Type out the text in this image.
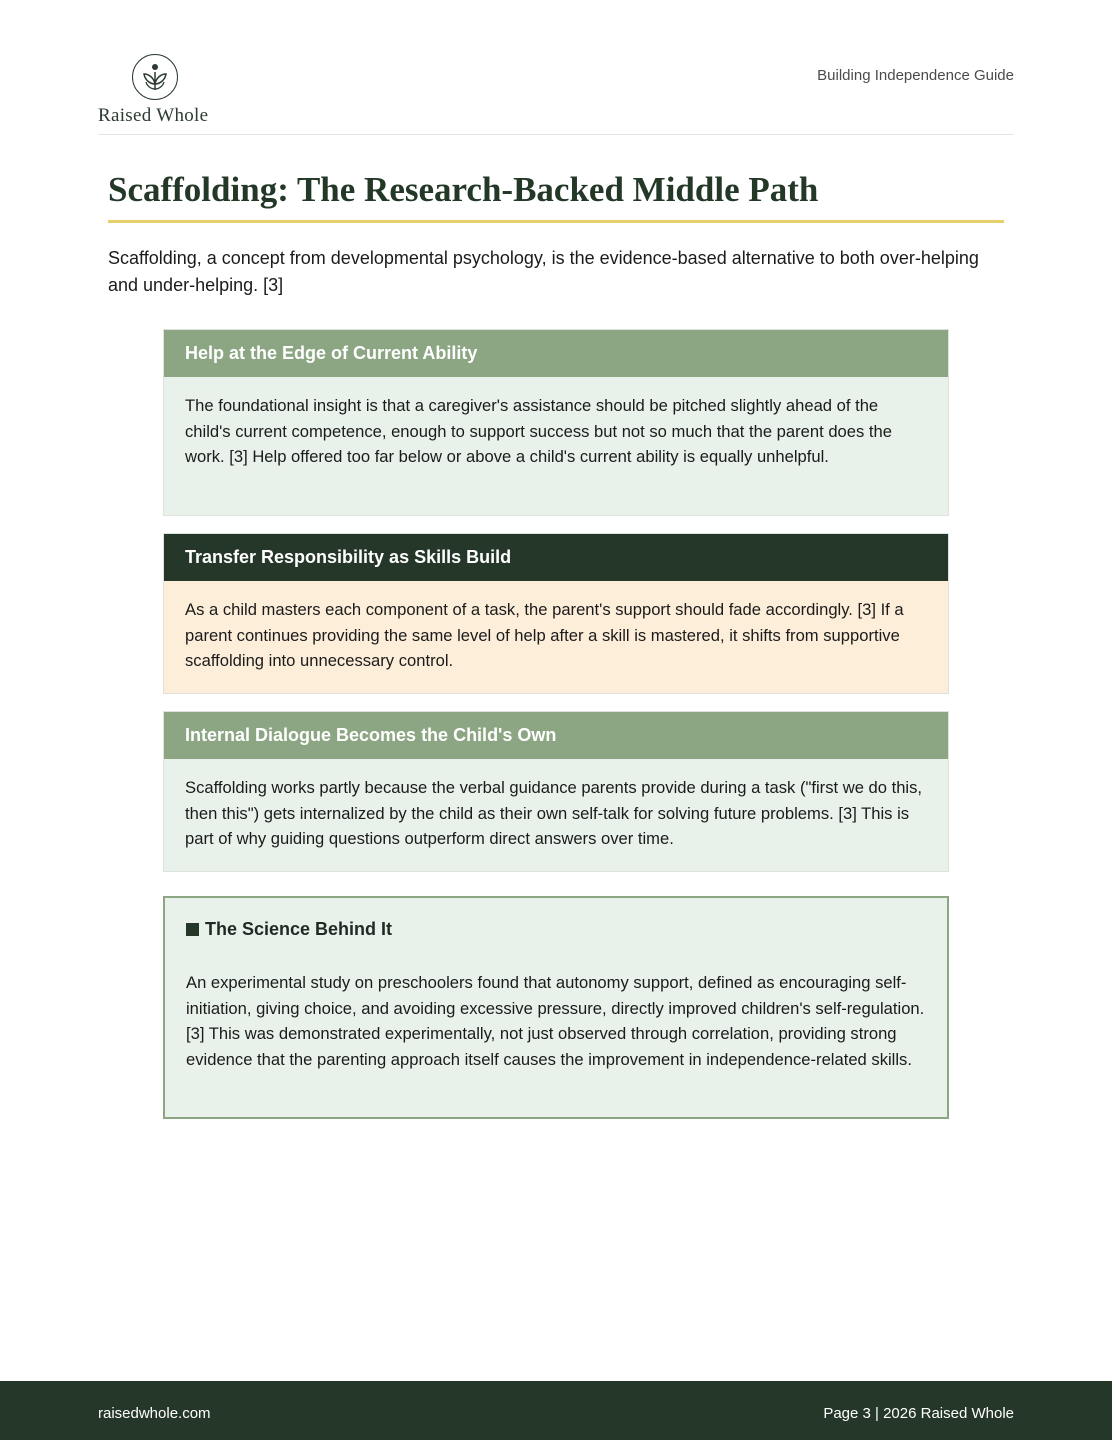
Raised Whole
Building Independence Guide
Scaffolding: The Research-Backed Middle Path

Scaffolding, a concept from developmental psychology, is the evidence-based alternative to both over-helping and under-helping. [3]

Help at the Edge of Current Ability
The foundational insight is that a caregiver's assistance should be pitched slightly ahead of the child's current competence, enough to support success but not so much that the parent does the work. [3] Help offered too far below or above a child's current ability is equally unhelpful.
Transfer Responsibility as Skills Build
As a child masters each component of a task, the parent's support should fade accordingly. [3] If a parent continues providing the same level of help after a skill is mastered, it shifts from supportive scaffolding into unnecessary control.
Internal Dialogue Becomes the Child's Own
Scaffolding works partly because the verbal guidance parents provide during a task ("first we do this, then this") gets internalized by the child as their own self-talk for solving future problems. [3] This is part of why guiding questions outperform direct answers over time.
The Science Behind It
An experimental study on preschoolers found that autonomy support, defined as encouraging self-initiation, giving choice, and avoiding excessive pressure, directly improved children's self-regulation. [3] This was demonstrated experimentally, not just observed through correlation, providing strong evidence that the parenting approach itself causes the improvement in independence-related skills.
raisedwhole.com	Page 3 | 2026 Raised Whole
